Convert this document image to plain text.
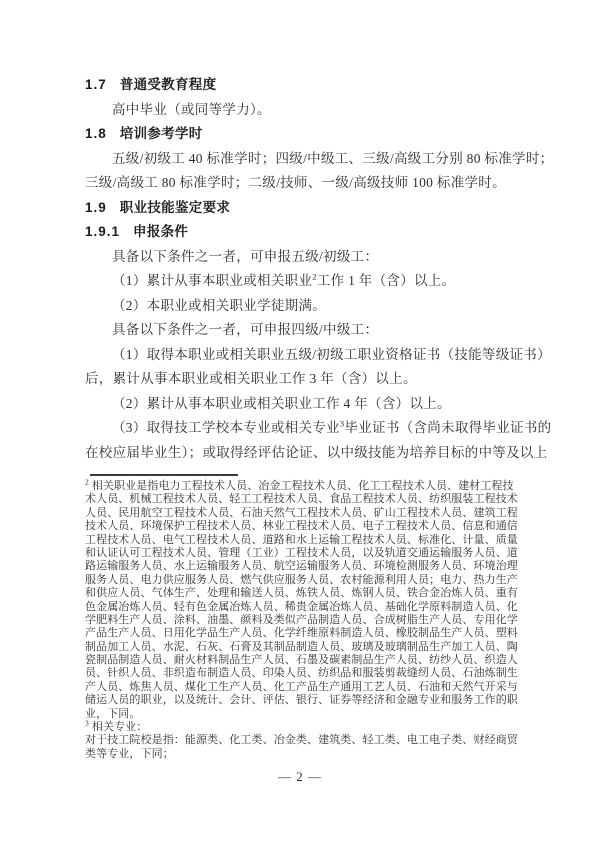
1.7 普通受教育程度
高中毕业（或同等学力）。
1.8 培训参考学时
五级/初级工 40 标准学时；四级/中级工、三级/高级工分别 80 标准学时；
三级/高级工 80 标准学时；二级/技师、一级/高级技师 100 标准学时。
1.9 职业技能鉴定要求
1.9.1 申报条件
具备以下条件之一者，可申报五级/初级工：
（1）累计从事本职业或相关职业$^2$工作 1 年（含）以上。
（2）本职业或相关职业学徒期满。
具备以下条件之一者，可申报四级/中级工：
（1）取得本职业或相关职业五级/初级工职业资格证书（技能等级证书）
后，累计从事本职业或相关职业工作 3 年（含）以上。
（2）累计从事本职业或相关职业工作 4 年（含）以上。
（3）取得技工学校本专业或相关专业$^3$毕业证书（含尚未取得毕业证书的
在校应届毕业生）；或取得经评估论证、以中级技能为培养目标的中等及以上
$^2$ 相关职业是指电力工程技术人员、冶金工程技术人员、化工工程技术人员、建材工程技
术人员、机械工程技术人员、轻工工程技术人员、食品工程技术人员、纺织服装工程技术
人员、民用航空工程技术人员、石油天然气工程技术人员、矿山工程技术人员、建筑工程
技术人员、环境保护工程技术人员、林业工程技术人员、电子工程技术人员、信息和通信
工程技术人员、电气工程技术人员、道路和水上运输工程技术人员、标准化、计量、质量
和认证认可工程技术人员、管理（工业）工程技术人员，以及轨道交通运输服务人员、道
路运输服务人员、水上运输服务人员、航空运输服务人员、环境检测服务人员、环境治理
服务人员、电力供应服务人员、燃气供应服务人员、农村能源利用人员；电力、热力生产
和供应人员、气体生产、处理和输送人员、炼铁人员、炼钢人员、铁合金冶炼人员、重有
色金属冶炼人员、轻有色金属冶炼人员、稀贵金属冶炼人员、基础化学原料制造人员、化
学肥料生产人员、涂料、油墨、颜料及类似产品制造人员、合成树脂生产人员、专用化学
产品生产人员、日用化学品生产人员、化学纤维原料制造人员、橡胶制品生产人员、塑料
制品加工人员、水泥、石灰、石膏及其制品制造人员、玻璃及玻璃制品生产加工人员、陶
瓷制品制造人员、耐火材料制品生产人员、石墨及碳素制品生产人员、纺纱人员、织造人
员、针织人员、非织造布制造人员、印染人员、纺织品和服装剪裁缝纫人员、石油炼制生
产人员、炼焦人员、煤化工生产人员、化工产品生产通用工艺人员、石油和天然气开采与
储运人员的职业，以及统计、会计、评估、银行、证券等经济和金融专业和服务工作的职
业，下同。
$^3$ 相关专业：
对于技工院校是指：能源类、化工类、冶金类、建筑类、轻工类、电工电子类、财经商贸
类等专业，下同；
— 2 —
